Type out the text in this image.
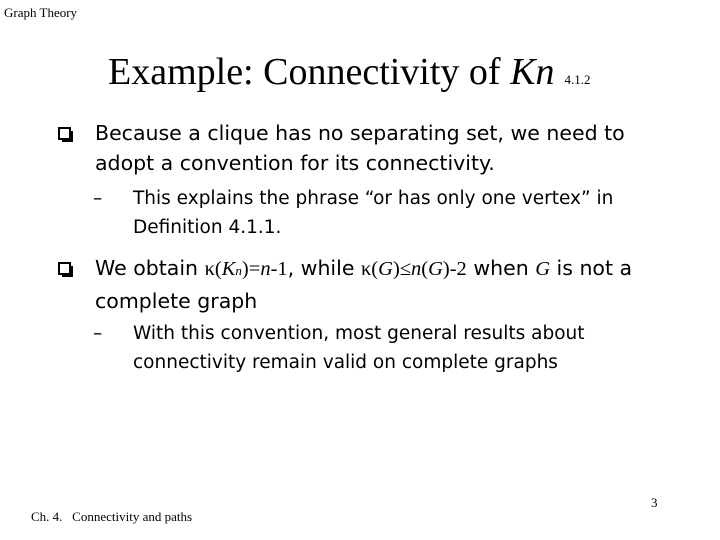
Graph Theory
Example: Connectivity of Kn 4.1.2
Because a clique has no separating set, we need to adopt a convention for its connectivity.
– This explains the phrase “or has only one vertex” in Definition 4.1.1.
We obtain κ(Kn)=n-1, while κ(G)≤n(G)-2 when G is not a complete graph
– With this convention, most general results about connectivity remain valid on complete graphs
Ch. 4.   Connectivity and paths
3
